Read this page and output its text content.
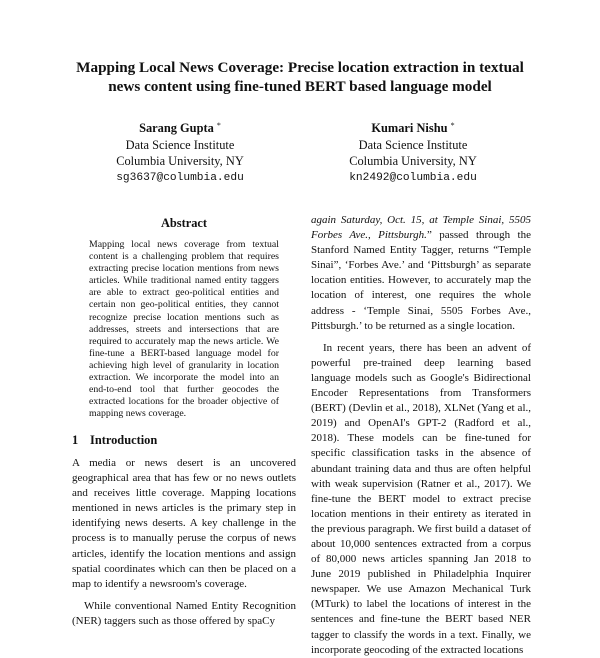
Mapping Local News Coverage: Precise location extraction in textual
news content using fine-tuned BERT based language model
Sarang Gupta *
Data Science Institute
Columbia University, NY
sg3637@columbia.edu
Kumari Nishu *
Data Science Institute
Columbia University, NY
kn2492@columbia.edu
Abstract
Mapping local news coverage from textual content is a challenging problem that requires extracting precise location mentions from news articles. While traditional named entity taggers are able to extract geo-political entities and certain non geo-political entities, they cannot recognize precise location mentions such as addresses, streets and intersections that are required to accurately map the news article. We fine-tune a BERT-based language model for achieving high level of granularity in location extraction. We incorporate the model into an end-to-end tool that further geocodes the extracted locations for the broader objective of mapping news coverage.
1 Introduction

A media or news desert is an uncovered geographical area that has few or no news outlets and receives little coverage. Mapping locations mentioned in news articles is the primary step in identifying news deserts. A key challenge in the process is to manually peruse the corpus of news articles, identify the location mentions and assign spatial coordinates which can then be placed on a map to identify a newsroom's coverage.

While conventional Named Entity Recognition (NER) taggers such as those offered by spaCy

again Saturday, Oct. 15, at Temple Sinai, 5505 Forbes Ave., Pittsburgh.” passed through the Stanford Named Entity Tagger, returns “Temple Sinai”, ‘Forbes Ave.’ and ‘Pittsburgh’ as separate location entities. However, to accurately map the location of interest, one requires the whole address - ‘Temple Sinai, 5505 Forbes Ave., Pittsburgh.’ to be returned as a single location.

In recent years, there has been an advent of powerful pre-trained deep learning based language models such as Google's Bidirectional Encoder Representations from Transformers (BERT) (Devlin et al., 2018), XLNet (Yang et al., 2019) and OpenAI's GPT-2 (Radford et al., 2018). These models can be fine-tuned for specific classification tasks in the absence of abundant training data and thus are often helpful with weak supervision (Ratner et al., 2017). We fine-tune the BERT model to extract precise location mentions in their entirety as iterated in the previous paragraph. We first build a dataset of about 10,000 sentences extracted from a corpus of 80,000 news articles spanning Jan 2018 to June 2019 published in Philadelphia Inquirer newspaper. We use Amazon Mechanical Turk (MTurk) to label the locations of interest in the sentences and fine-tune the BERT based NER tagger to classify the words in a text. Finally, we incorporate geocoding of the extracted locations
